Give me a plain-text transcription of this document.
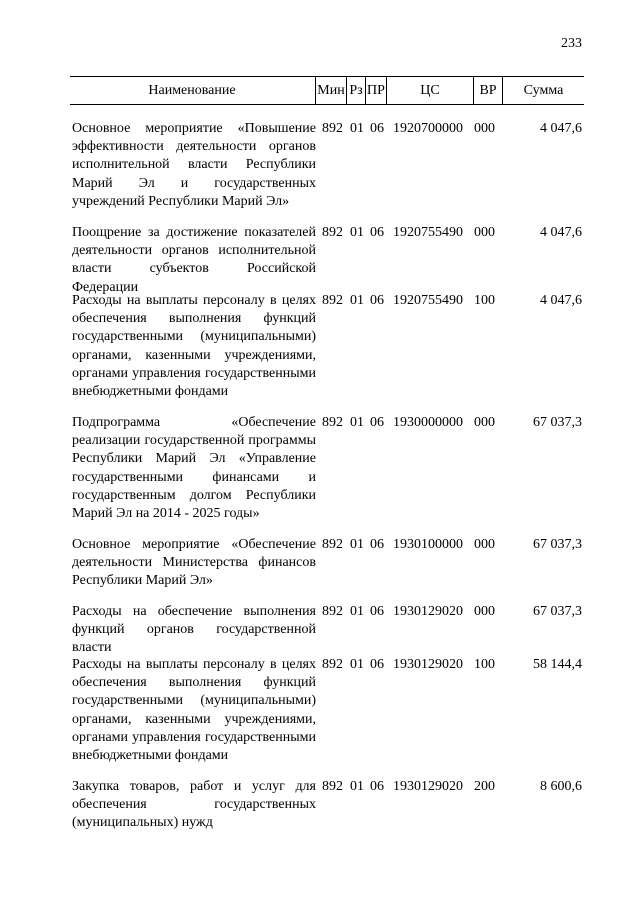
233
Наименование	Мин Рз ПР	ЦС	ВР	Сумма
Основное мероприятие «Повышение эффективности деятельности органов исполнительной власти Республики Марий Эл и государственных учреждений Республики Марий Эл»
892 01 06 1920700000 000	4 047,6
Поощрение за достижение показателей деятельности органов исполнительной власти субъектов Российской Федерации
892 01 06 1920755490 000	4 047,6
Расходы на выплаты персоналу в целях обеспечения выполнения функций государственными (муниципальными) органами, казенными учреждениями, органами управления государственными внебюджетными фондами
892 01 06 1920755490 100	4 047,6
Подпрограмма «Обеспечение реализации государственной программы Республики Марий Эл «Управление государственными финансами и государственным долгом Республики Марий Эл на 2014 - 2025 годы»
892 01 06 1930000000 000	67 037,3
Основное мероприятие «Обеспечение деятельности Министерства финансов Республики Марий Эл»
892 01 06 1930100000 000	67 037,3
Расходы на обеспечение выполнения функций органов государственной власти
892 01 06 1930129020 000	67 037,3
Расходы на выплаты персоналу в целях обеспечения выполнения функций государственными (муниципальными) органами, казенными учреждениями, органами управления государственными внебюджетными фондами
892 01 06 1930129020 100	58 144,4
Закупка товаров, работ и услуг для обеспечения государственных (муниципальных) нужд
892 01 06 1930129020 200	8 600,6
